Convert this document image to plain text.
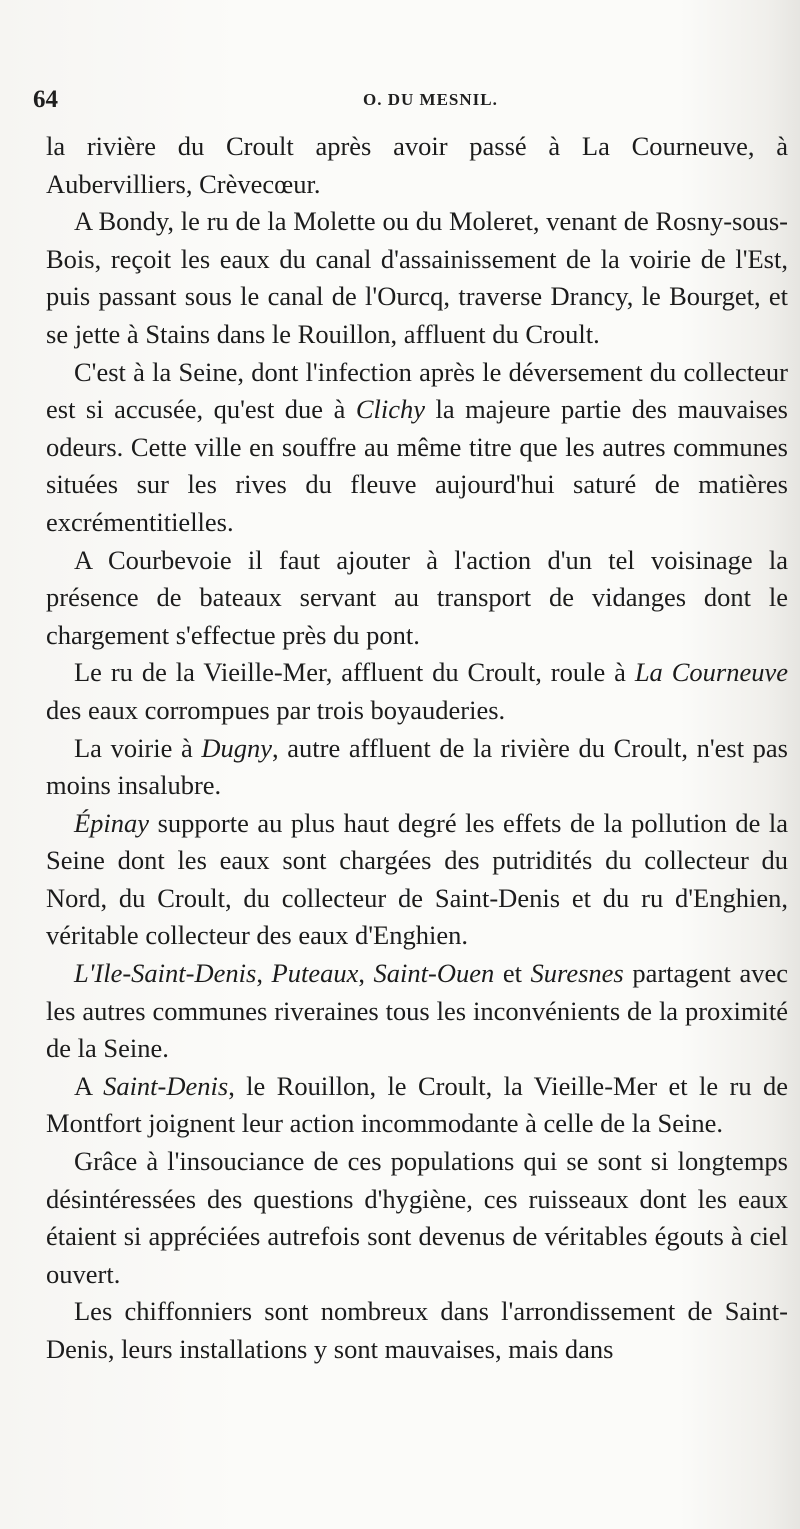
64	O. DU MESNIL.

la rivière du Croult après avoir passé à La Courneuve, à Aubervilliers, Crèvecœur.

A Bondy, le ru de la Molette ou du Moleret, venant de Rosny-sous-Bois, reçoit les eaux du canal d'assainissement de la voirie de l'Est, puis passant sous le canal de l'Ourcq, traverse Drancy, le Bourget, et se jette à Stains dans le Rouillon, affluent du Croult.

C'est à la Seine, dont l'infection après le déversement du collecteur est si accusée, qu'est due à Clichy la majeure partie des mauvaises odeurs. Cette ville en souffre au même titre que les autres communes situées sur les rives du fleuve aujourd'hui saturé de matières excrémentitielles.

A Courbevoie il faut ajouter à l'action d'un tel voisinage la présence de bateaux servant au transport de vidanges dont le chargement s'effectue près du pont.

Le ru de la Vieille-Mer, affluent du Croult, roule à La Courneuve des eaux corrompues par trois boyauderies.

La voirie à Dugny, autre affluent de la rivière du Croult, n'est pas moins insalubre.

Épinay supporte au plus haut degré les effets de la pollution de la Seine dont les eaux sont chargées des putridités du collecteur du Nord, du Croult, du collecteur de Saint-Denis et du ru d'Enghien, véritable collecteur des eaux d'Enghien.

L'Ile-Saint-Denis, Puteaux, Saint-Ouen et Suresnes partagent avec les autres communes riveraines tous les inconvénients de la proximité de la Seine.

A Saint-Denis, le Rouillon, le Croult, la Vieille-Mer et le ru de Montfort joignent leur action incommodante à celle de la Seine.

Grâce à l'insouciance de ces populations qui se sont si longtemps désintéressées des questions d'hygiène, ces ruisseaux dont les eaux étaient si appréciées autrefois sont devenus de véritables égouts à ciel ouvert.

Les chiffonniers sont nombreux dans l'arrondissement de Saint-Denis, leurs installations y sont mauvaises, mais dans
